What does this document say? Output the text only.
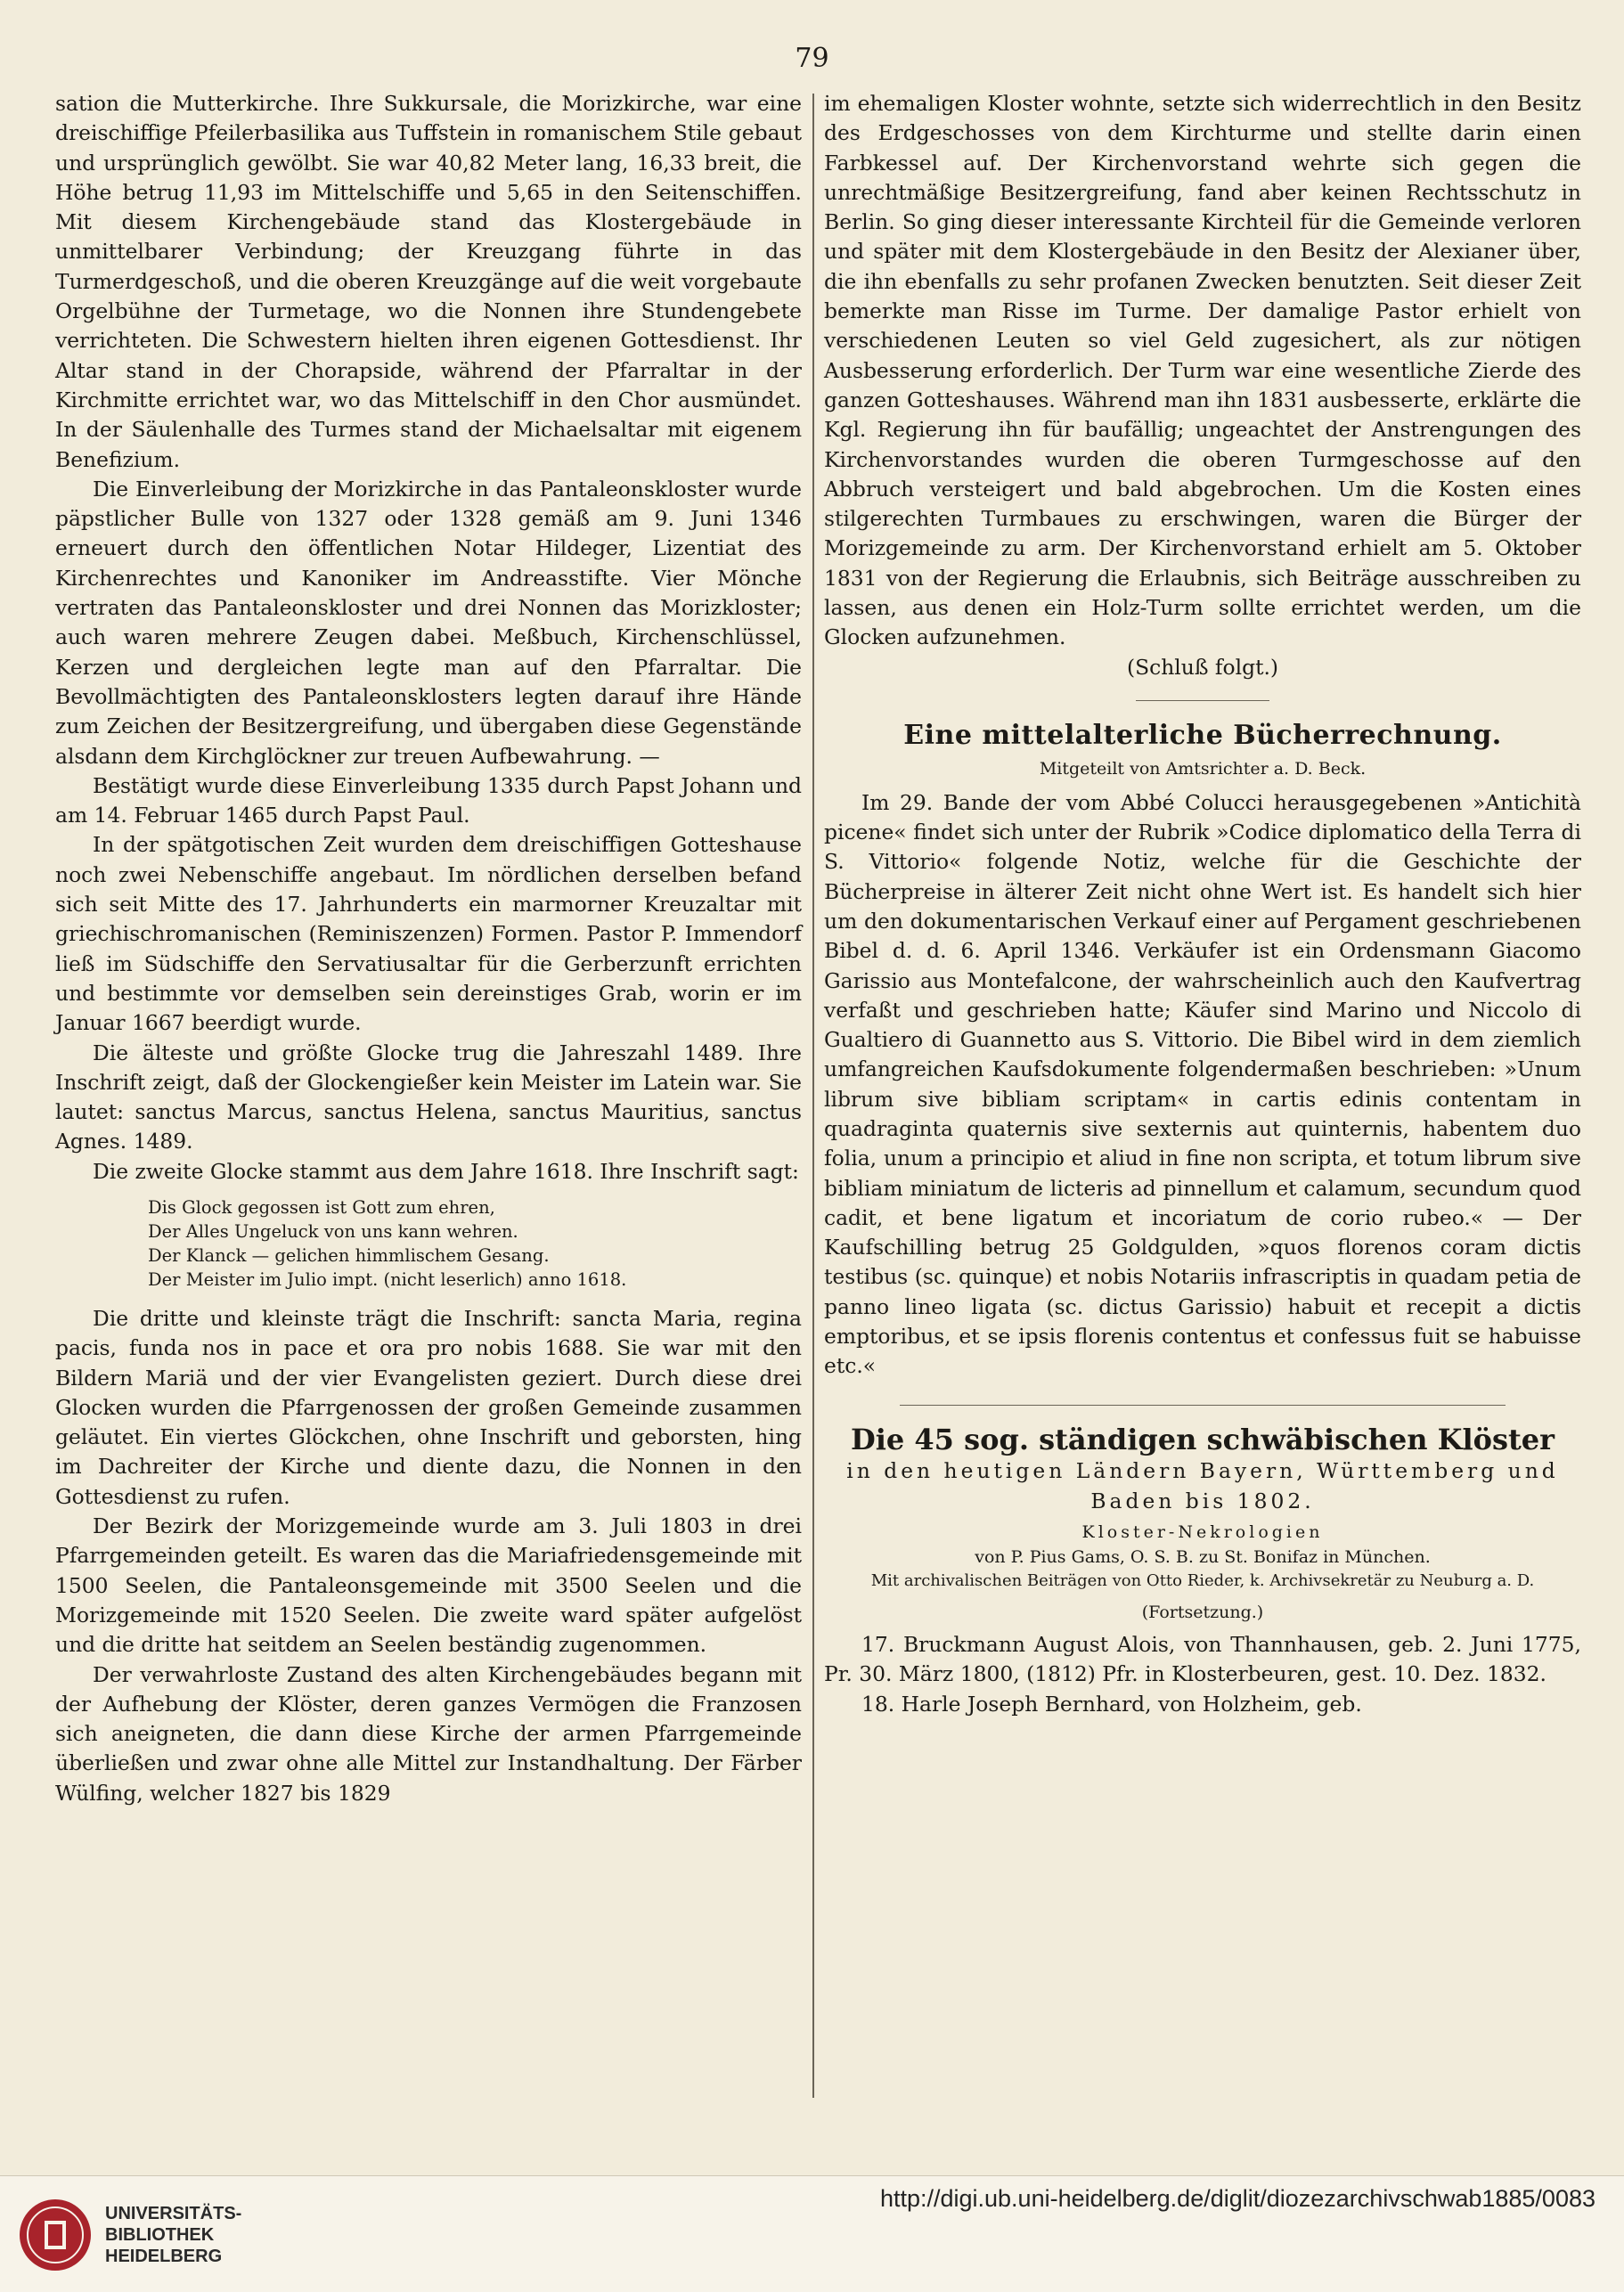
79

sation die Mutterkirche. Ihre Sukkursale, die Morizkirche, war eine dreischiffige Pfeilerbasilika aus Tuffstein in romanischem Stile gebaut und ursprünglich gewölbt. Sie war 40,82 Meter lang, 16,33 breit, die Höhe betrug 11,93 im Mittelschiffe und 5,65 in den Seitenschiffen. Mit diesem Kirchengebäude stand das Klostergebäude in unmittelbarer Verbindung; der Kreuzgang führte in das Turmerdgeschoß, und die oberen Kreuzgänge auf die weit vorgebaute Orgelbühne der Turmetage, wo die Nonnen ihre Stundengebete verrichteten. Die Schwestern hielten ihren eigenen Gottesdienst. Ihr Altar stand in der Chorapside, während der Pfarraltar in der Kirchmitte errichtet war, wo das Mittelschiff in den Chor ausmündet. In der Säulenhalle des Turmes stand der Michaelsaltar mit eigenem Benefizium.

Die Einverleibung der Morizkirche in das Pantaleonskloster wurde päpstlicher Bulle von 1327 oder 1328 gemäß am 9. Juni 1346 erneuert durch den öffentlichen Notar Hildeger, Lizentiat des Kirchenrechtes und Kanoniker im Andreasstifte. Vier Mönche vertraten das Pantaleonskloster und drei Nonnen das Morizkloster; auch waren mehrere Zeugen dabei. Meßbuch, Kirchenschlüssel, Kerzen und dergleichen legte man auf den Pfarraltar. Die Bevollmächtigten des Pantaleonsklosters legten darauf ihre Hände zum Zeichen der Besitzergreifung, und übergaben diese Gegenstände alsdann dem Kirchglöckner zur treuen Aufbewahrung. —

Bestätigt wurde diese Einverleibung 1335 durch Papst Johann und am 14. Februar 1465 durch Papst Paul.

In der spätgotischen Zeit wurden dem dreischiffigen Gotteshause noch zwei Nebenschiffe angebaut. Im nördlichen derselben befand sich seit Mitte des 17. Jahrhunderts ein marmorner Kreuzaltar mit griechischromanischen (Reminiszenzen) Formen. Pastor P. Immendorf ließ im Südschiffe den Servatiusaltar für die Gerberzunft errichten und bestimmte vor demselben sein dereinstiges Grab, worin er im Januar 1667 beerdigt wurde.

Die älteste und größte Glocke trug die Jahreszahl 1489. Ihre Inschrift zeigt, daß der Glockengießer kein Meister im Latein war. Sie lautet: sanctus Marcus, sanctus Helena, sanctus Mauritius, sanctus Agnes. 1489.

Die zweite Glocke stammt aus dem Jahre 1618. Ihre Inschrift sagt:

Dis Glock gegossen ist Gott zum ehren,
Der Alles Ungeluck von uns kann wehren.
Der Klanck — gelichen himmlischem Gesang.
Der Meister im Julio impt. (nicht leserlich) anno 1618.

Die dritte und kleinste trägt die Inschrift: sancta Maria, regina pacis, funda nos in pace et ora pro nobis 1688. Sie war mit den Bildern Mariä und der vier Evangelisten geziert. Durch diese drei Glocken wurden die Pfarrgenossen der großen Gemeinde zusammen geläutet. Ein viertes Glöckchen, ohne Inschrift und geborsten, hing im Dachreiter der Kirche und diente dazu, die Nonnen in den Gottesdienst zu rufen.

Der Bezirk der Morizgemeinde wurde am 3. Juli 1803 in drei Pfarrgemeinden geteilt. Es waren das die Mariafriedensgemeinde mit 1500 Seelen, die Pantaleonsgemeinde mit 3500 Seelen und die Morizgemeinde mit 1520 Seelen. Die zweite ward später aufgelöst und die dritte hat seitdem an Seelen beständig zugenommen.

Der verwahrloste Zustand des alten Kirchengebäudes begann mit der Aufhebung der Klöster, deren ganzes Vermögen die Franzosen sich aneigneten, die dann diese Kirche der armen Pfarrgemeinde überließen und zwar ohne alle Mittel zur Instandhaltung. Der Färber Wülfing, welcher 1827 bis 1829

im ehemaligen Kloster wohnte, setzte sich widerrechtlich in den Besitz des Erdgeschosses von dem Kirchturme und stellte darin einen Farbkessel auf. Der Kirchenvorstand wehrte sich gegen die unrechtmäßige Besitzergreifung, fand aber keinen Rechtsschutz in Berlin. So ging dieser interessante Kirchteil für die Gemeinde verloren und später mit dem Klostergebäude in den Besitz der Alexianer über, die ihn ebenfalls zu sehr profanen Zwecken benutzten. Seit dieser Zeit bemerkte man Risse im Turme. Der damalige Pastor erhielt von verschiedenen Leuten so viel Geld zugesichert, als zur nötigen Ausbesserung erforderlich. Der Turm war eine wesentliche Zierde des ganzen Gotteshauses. Während man ihn 1831 ausbesserte, erklärte die Kgl. Regierung ihn für baufällig; ungeachtet der Anstrengungen des Kirchenvorstandes wurden die oberen Turmgeschosse auf den Abbruch versteigert und bald abgebrochen. Um die Kosten eines stilgerechten Turmbaues zu erschwingen, waren die Bürger der Morizgemeinde zu arm. Der Kirchenvorstand erhielt am 5. Oktober 1831 von der Regierung die Erlaubnis, sich Beiträge ausschreiben zu lassen, aus denen ein Holz-Turm sollte errichtet werden, um die Glocken aufzunehmen.

(Schluß folgt.)

Eine mittelalterliche Bücherrechnung.
Mitgeteilt von Amtsrichter a. D. Beck.

Im 29. Bande der vom Abbé Colucci herausgegebenen »Antichità picene« findet sich unter der Rubrik »Codice diplomatico della Terra di S. Vittorio« folgende Notiz, welche für die Geschichte der Bücherpreise in älterer Zeit nicht ohne Wert ist. Es handelt sich hier um den dokumentarischen Verkauf einer auf Pergament geschriebenen Bibel d. d. 6. April 1346. Verkäufer ist ein Ordensmann Giacomo Garissio aus Montefalcone, der wahrscheinlich auch den Kaufvertrag verfaßt und geschrieben hatte; Käufer sind Marino und Niccolo di Gualtiero di Guannetto aus S. Vittorio. Die Bibel wird in dem ziemlich umfangreichen Kaufsdokumente folgendermaßen beschrieben: »Unum librum sive bibliam scriptam« in cartis edinis contentam in quadraginta quaternis sive sexternis aut quinternis, habentem duo folia, unum a principio et aliud in fine non scripta, et totum librum sive bibliam miniatum de licteris ad pinnellum et calamum, secundum quod cadit, et bene ligatum et incoriatum de corio rubeo.« — Der Kaufschilling betrug 25 Goldgulden, »quos florenos coram dictis testibus (sc. quinque) et nobis Notariis infrascriptis in quadam petia de panno lineo ligata (sc. dictus Garissio) habuit et recepit a dictis emptoribus, et se ipsis florenis contentus et confessus fuit se habuisse etc.«

Die 45 sog. ständigen schwäbischen Klöster
in den heutigen Ländern Bayern, Württemberg und Baden bis 1802.
Kloster-Nekrologien
von P. Pius Gams, O. S. B. zu St. Bonifaz in München.
Mit archivalischen Beiträgen von Otto Rieder, k. Archivsekretär zu Neuburg a. D.
(Fortsetzung.)

17. Bruckmann August Alois, von Thannhausen, geb. 2. Juni 1775, Pr. 30. März 1800, (1812) Pfr. in Klosterbeuren, gest. 10. Dez. 1832.

18. Harle Joseph Bernhard, von Holzheim, geb.

UNIVERSITÄTS-
BIBLIOTHEK
HEIDELBERG
http://digi.ub.uni-heidelberg.de/diglit/diozezarchivschwab1885/0083
